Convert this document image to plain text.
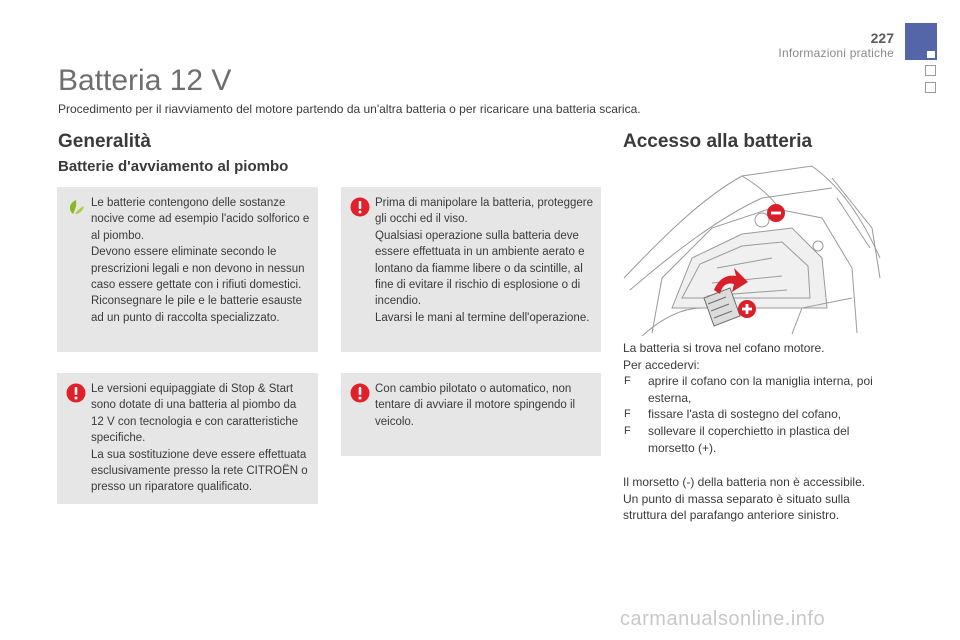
227
Informazioni pratiche
Batteria 12 V
Procedimento per il riavviamento del motore partendo da un'altra batteria o per ricaricare una batteria scarica.
Generalità
Batterie d'avviamento al piombo

Le batterie contengono delle sostanze nocive come ad esempio l'acido solforico e al piombo.
Devono essere eliminate secondo le prescrizioni legali e non devono in nessun caso essere gettate con i rifiuti domestici.
Riconsegnare le pile e le batterie esauste ad un punto di raccolta specializzato.

Prima di manipolare la batteria, proteggere gli occhi ed il viso.
Qualsiasi operazione sulla batteria deve essere effettuata in un ambiente aerato e lontano da fiamme libere o da scintille, al fine di evitare il rischio di esplosione o di incendio.
Lavarsi le mani al termine dell'operazione.

Le versioni equipaggiate di Stop & Start sono dotate di una batteria al piombo da 12 V con tecnologia e con caratteristiche specifiche.
La sua sostituzione deve essere effettuata esclusivamente presso la rete CITROËN o presso un riparatore qualificato.

Con cambio pilotato o automatico, non tentare di avviare il motore spingendo il veicolo.

Accesso alla batteria

La batteria si trova nel cofano motore.

Per accedervi:

F aprire il cofano con la maniglia interna, poi esterna,
F fissare l'asta di sostegno del cofano,
F sollevare il coperchietto in plastica del morsetto (+).
Il morsetto (-) della batteria non è accessibile.
Un punto di massa separato è situato sulla struttura del parafango anteriore sinistro.
carmanualsonline.info
